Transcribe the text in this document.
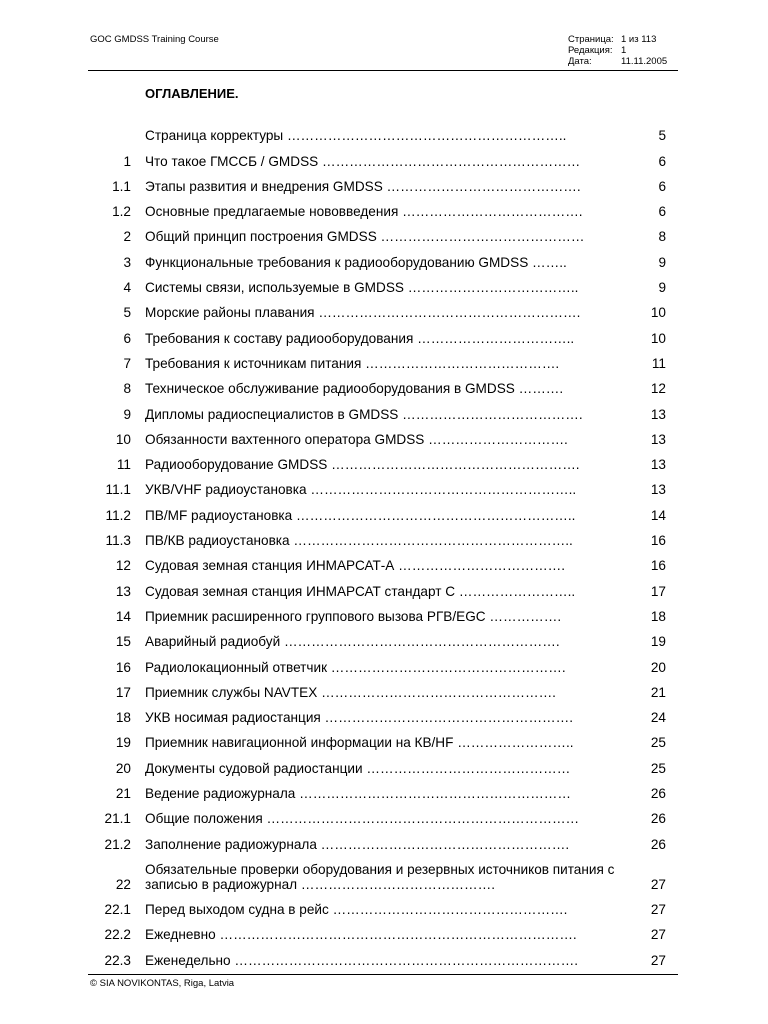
GOC GMDSS Training Course	Страница: 1 из 113
Редакция: 1
Дата:	11.11.2005
ОГЛАВЛЕНИЕ.
Страница корректуры ……………………………………………………..	5
1 Что такое ГМССБ / GMDSS …………………………………………………	6
1.1 Этапы развития и внедрения GMDSS …………………………………….	6
1.2 Основные предлагаемые нововведения ………………………………….	6
2 Общий принцип построения GMDSS ………………………………………	8
3 Функциональные требования к радиооборудованию GMDSS ……..	9
4 Системы связи, используемые в GMDSS ………………………………..	9
5 Морские районы плавания ………………………………………………….	10
6 Требования к составу радиооборудования ……………………………..	10
7 Требования к источникам питания …………………………………….	11
8 Техническое обслуживание радиооборудования в GMDSS ……….	12
9 Дипломы радиоспециалистов в GMDSS ………………………………….	13
10 Обязанности вахтенного оператора GMDSS ………………………….	13
11 Радиооборудование GMDSS ……………………………………………….	13
11.1 УКВ/VHF радиоустановка …………………………………………………..	13
11.2 ПВ/MF радиоустановка ……………………………………………………..	14
11.3 ПВ/КВ радиоустановка ……………………………………………………..	16
12 Судовая земная станция ИНМАРСАТ-А ……………………………….	16
13 Судовая земная станция ИНМАРСАТ стандарт С ……………………..	17
14 Приемник расширенного группового вызова РГВ/EGC …………….	18
15 Аварийный радиобуй …………………………………………………….	19
16 Радиолокационный ответчик …………………………………………….	20
17 Приемник службы NAVTEX …………………………………………….	21
18 УКВ носимая радиостанция ……………………………………………….	24
19 Приемник навигационной информации на КВ/HF ……………………..	25
20 Документы судовой радиостанции ………………………………………	25
21 Ведение радиожурнала ……………………………………………………	26
21.1 Общие положения ……………………………………………………………	26
21.2 Заполнение радиожурнала ……………………………………………….	26
22
Обязательные проверки оборудования и резервных источников питания с записью в радиожурнал …………………………………….	27
22.1 Перед выходом судна в рейс …………………………………………….	27
22.2 Ежедневно …………………………………………………………………….	27
22.3 Еженедельно ………………………………………………………………….	27
© SIA NOVIKONTAS, Riga, Latvia
